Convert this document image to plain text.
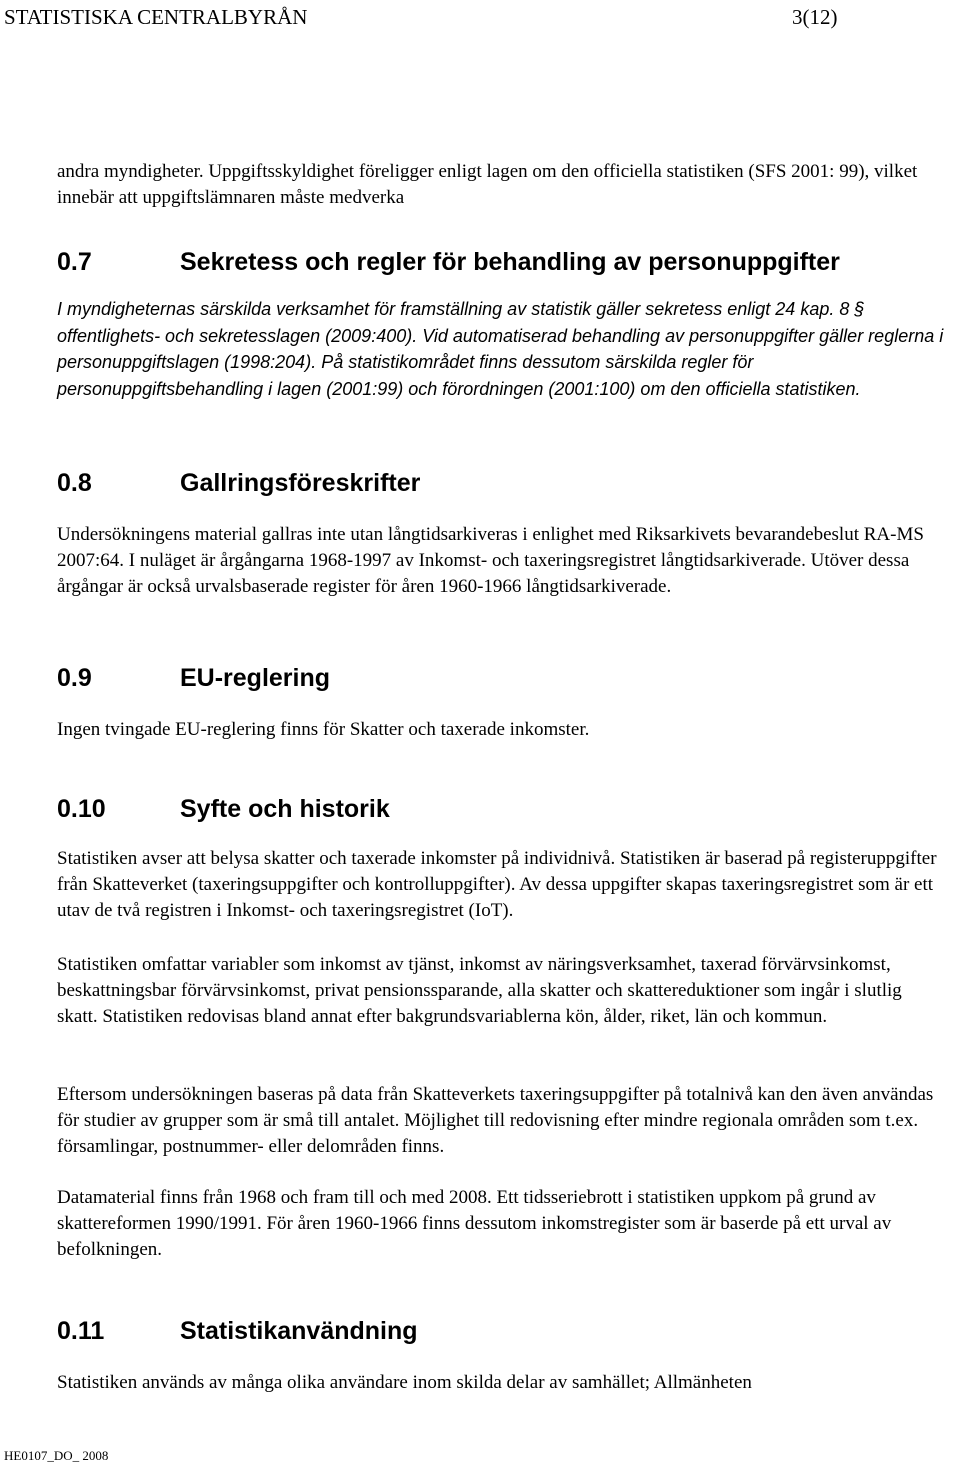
STATISTISKA CENTRALBYRÅN	3(12)

andra myndigheter. Uppgiftsskyldighet föreligger enligt lagen om den officiella statistiken (SFS 2001: 99), vilket innebär att uppgiftslämnaren måste medverka

0.7	Sekretess och regler för behandling av personuppgifter

I myndigheternas särskilda verksamhet för framställning av statistik gäller sekretess enligt 24 kap. 8 § offentlighets- och sekretesslagen (2009:400). Vid automatiserad behandling av personuppgifter gäller reglerna i personuppgiftslagen (1998:204). På statistikområdet finns dessutom särskilda regler för personuppgiftsbehandling i lagen (2001:99) och förordningen (2001:100) om den officiella statistiken.

0.8	Gallringsföreskrifter

Undersökningens material gallras inte utan långtidsarkiveras i enlighet med Riksarkivets bevarandebeslut RA-MS 2007:64. I nuläget är årgångarna 1968-1997 av Inkomst- och taxeringsregistret långtidsarkiverade. Utöver dessa årgångar är också urvalsbaserade register för åren 1960-1966 långtidsarkiverade.

0.9	EU-reglering

Ingen tvingade EU-reglering finns för Skatter och taxerade inkomster.

0.10	Syfte och historik

Statistiken avser att belysa skatter och taxerade inkomster på individnivå. Statistiken är baserad på registeruppgifter från Skatteverket (taxeringsuppgifter och kontrolluppgifter). Av dessa uppgifter skapas taxeringsregistret som är ett utav de två registren i Inkomst- och taxeringsregistret (IoT).

Statistiken omfattar variabler som inkomst av tjänst, inkomst av näringsverksamhet, taxerad förvärvsinkomst, beskattningsbar förvärvsinkomst, privat pensionssparande, alla skatter och skattereduktioner som ingår i slutlig skatt. Statistiken redovisas bland annat efter bakgrundsvariablerna kön, ålder, riket, län och kommun.

Eftersom undersökningen baseras på data från Skatteverkets taxeringsuppgifter på totalnivå kan den även användas för studier av grupper som är små till antalet. Möjlighet till redovisning efter mindre regionala områden som t.ex. församlingar, postnummer- eller delområden finns.

Datamaterial finns från 1968 och fram till och med 2008. Ett tidsseriebrott i statistiken uppkom på grund av skattereformen 1990/1991. För åren 1960-1966 finns dessutom inkomstregister som är baserde på ett urval av befolkningen.

0.11	Statistikanvändning

Statistiken används av många olika användare inom skilda delar av samhället; Allmänheten

HE0107_DO_ 2008
